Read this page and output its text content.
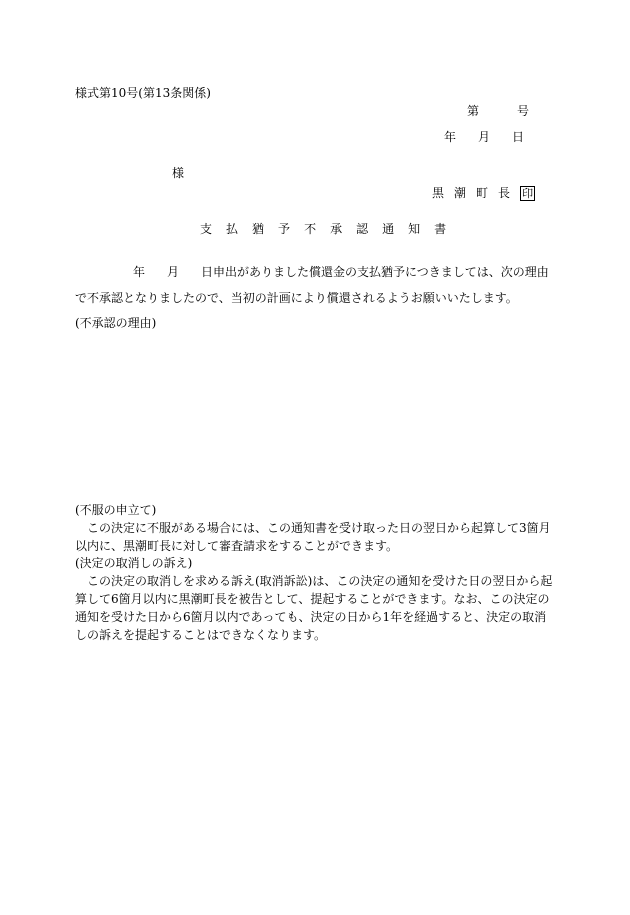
様式第10号(第13条関係)
第	号
年 月 日
様
黒 潮 町 長 印
支 払 猶 予 不 承 認 通 知 書
年 月 日申出がありました償還金の支払猶予につきましては、次の理由
で不承認となりましたので、当初の計画により償還されるようお願いいたします。
(不承認の理由)
(不服の申立て)
この決定に不服がある場合には、この通知書を受け取った日の翌日から起算して3箇月以内に、黒潮町長に対して審査請求をすることができます。
(決定の取消しの訴え)
この決定の取消しを求める訴え(取消訴訟)は、この決定の通知を受けた日の翌日から起算して6箇月以内に黒潮町長を被告として、提起することができます。なお、この決定の通知を受けた日から6箇月以内であっても、決定の日から1年を経過すると、決定の取消しの訴えを提起することはできなくなります。
